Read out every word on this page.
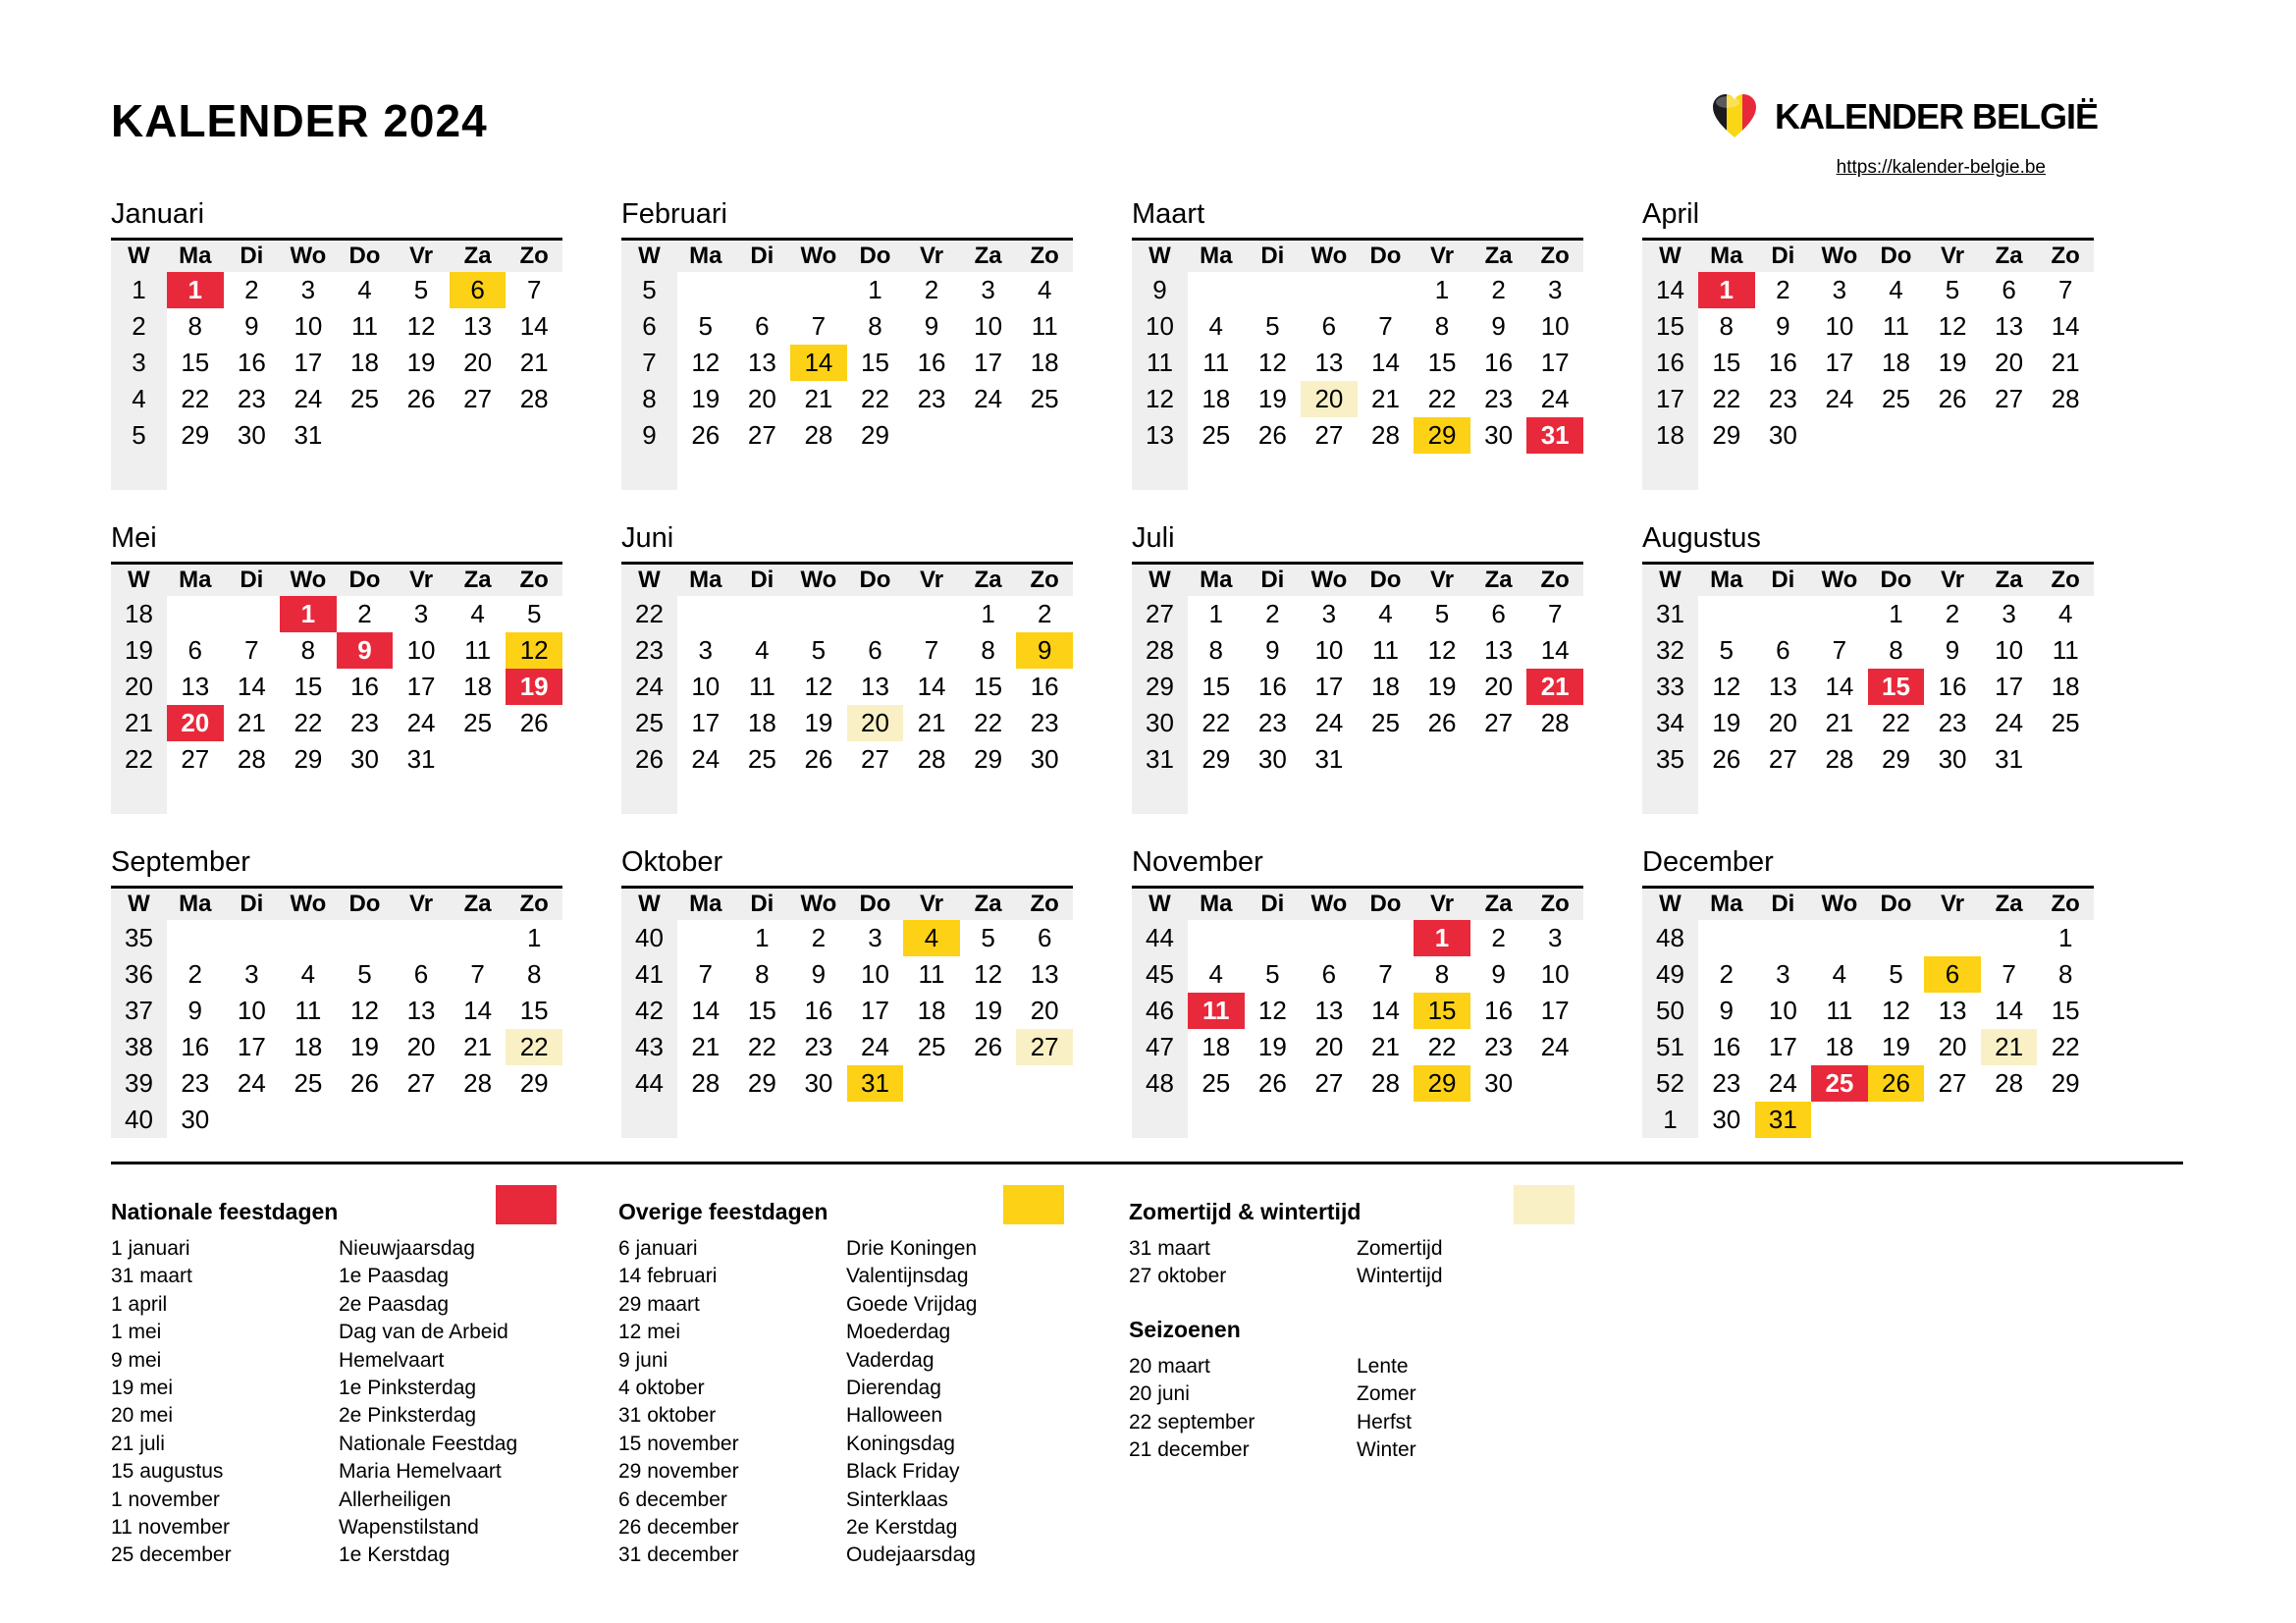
KALENDER 2024	KALENDER BELGIË
https://kalender-belgie.be
Januari
W	Ma	Di	Wo	Do	Vr	Za	Zo
1	1	2	3	4	5	6	7
2	8	9	10	11	12	13	14
3	15	16	17	18	19	20	21
4	22	23	24	25	26	27	28
5	29	30	31				

Februari
W	Ma	Di	Wo	Do	Vr	Za	Zo
5				1	2	3	4
6	5	6	7	8	9	10	11
7	12	13	14	15	16	17	18
8	19	20	21	22	23	24	25
9	26	27	28	29			

Maart
W	Ma	Di	Wo	Do	Vr	Za	Zo
9					1	2	3
10	4	5	6	7	8	9	10
11	11	12	13	14	15	16	17
12	18	19	20	21	22	23	24
13	25	26	27	28	29	30	31

April
W	Ma	Di	Wo	Do	Vr	Za	Zo
14	1	2	3	4	5	6	7
15	8	9	10	11	12	13	14
16	15	16	17	18	19	20	21
17	22	23	24	25	26	27	28
18	29	30					

Mei
W	Ma	Di	Wo	Do	Vr	Za	Zo
18			1	2	3	4	5
19	6	7	8	9	10	11	12
20	13	14	15	16	17	18	19
21	20	21	22	23	24	25	26
22	27	28	29	30	31		

Juni
W	Ma	Di	Wo	Do	Vr	Za	Zo
22						1	2
23	3	4	5	6	7	8	9
24	10	11	12	13	14	15	16
25	17	18	19	20	21	22	23
26	24	25	26	27	28	29	30

Juli
W	Ma	Di	Wo	Do	Vr	Za	Zo
27	1	2	3	4	5	6	7
28	8	9	10	11	12	13	14
29	15	16	17	18	19	20	21
30	22	23	24	25	26	27	28
31	29	30	31				

Augustus
W	Ma	Di	Wo	Do	Vr	Za	Zo
31				1	2	3	4
32	5	6	7	8	9	10	11
33	12	13	14	15	16	17	18
34	19	20	21	22	23	24	25
35	26	27	28	29	30	31	

September
W	Ma	Di	Wo	Do	Vr	Za	Zo
35							1
36	2	3	4	5	6	7	8
37	9	10	11	12	13	14	15
38	16	17	18	19	20	21	22
39	23	24	25	26	27	28	29
40	30						
Oktober
W	Ma	Di	Wo	Do	Vr	Za	Zo
40		1	2	3	4	5	6
41	7	8	9	10	11	12	13
42	14	15	16	17	18	19	20
43	21	22	23	24	25	26	27
44	28	29	30	31			

November
W	Ma	Di	Wo	Do	Vr	Za	Zo
44					1	2	3
45	4	5	6	7	8	9	10
46	11	12	13	14	15	16	17
47	18	19	20	21	22	23	24
48	25	26	27	28	29	30	

December
W	Ma	Di	Wo	Do	Vr	Za	Zo
48							1
49	2	3	4	5	6	7	8
50	9	10	11	12	13	14	15
51	16	17	18	19	20	21	22
52	23	24	25	26	27	28	29
1	30	31					
Nationale feestdagen
1 januari	Nieuwjaarsdag
31 maart	1e Paasdag
1 april	2e Paasdag
1 mei	Dag van de Arbeid
9 mei	Hemelvaart
19 mei	1e Pinksterdag
20 mei	2e Pinksterdag
21 juli	Nationale Feestdag
15 augustus	Maria Hemelvaart
1 november	Allerheiligen
11 november	Wapenstilstand
25 december	1e Kerstdag
Overige feestdagen
6 januari	Drie Koningen
14 februari	Valentijnsdag
29 maart	Goede Vrijdag
12 mei	Moederdag
9 juni	Vaderdag
4 oktober	Dierendag
31 oktober	Halloween
15 november	Koningsdag
29 november	Black Friday
6 december	Sinterklaas
26 december	2e Kerstdag
31 december	Oudejaarsdag
Zomertijd & wintertijd
31 maart	Zomertijd
27 oktober	Wintertijd
Seizoenen
20 maart	Lente
20 juni	Zomer
22 september	Herfst
21 december	Winter
